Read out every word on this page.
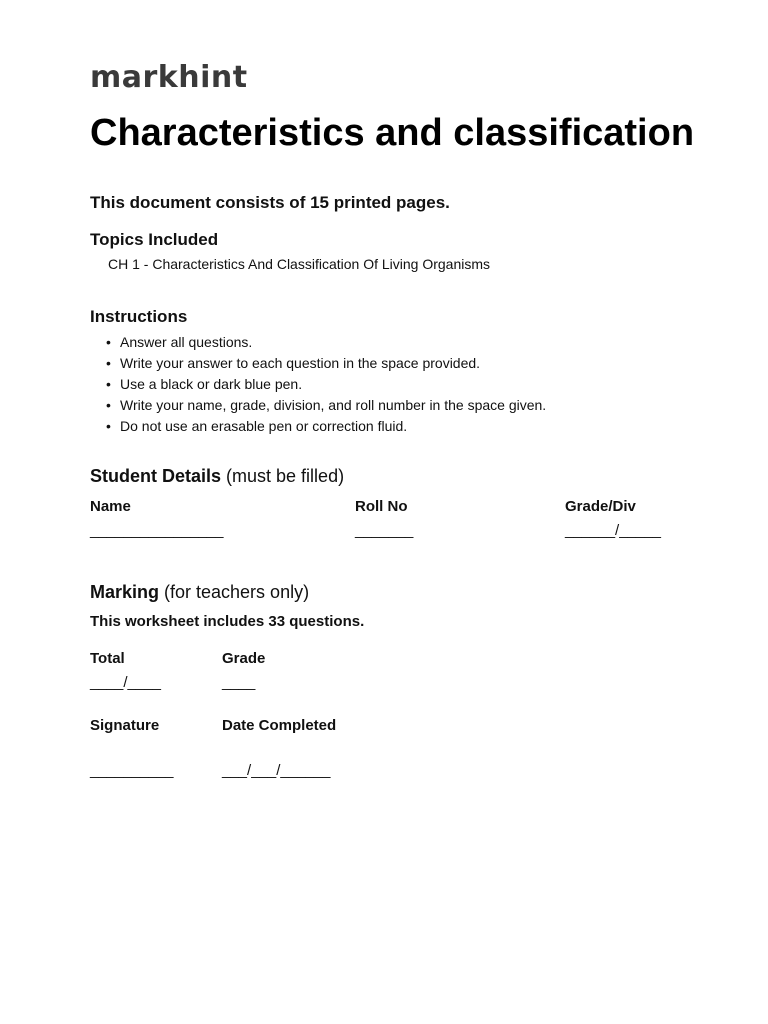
markhint
Characteristics and classification
This document consists of 15 printed pages.
Topics Included
CH 1 - Characteristics And Classification Of Living Organisms
Instructions
• Answer all questions.
• Write your answer to each question in the space provided.
• Use a black or dark blue pen.
• Write your name, grade, division, and roll number in the space given.
• Do not use an erasable pen or correction fluid.
Student Details (must be filled)
Name
________________
Roll No
_______
Grade/Div
______/_____
Marking (for teachers only)
This worksheet includes 33 questions.
Total
____/____
Grade
____
Signature
__________
Date Completed
___/___/______
